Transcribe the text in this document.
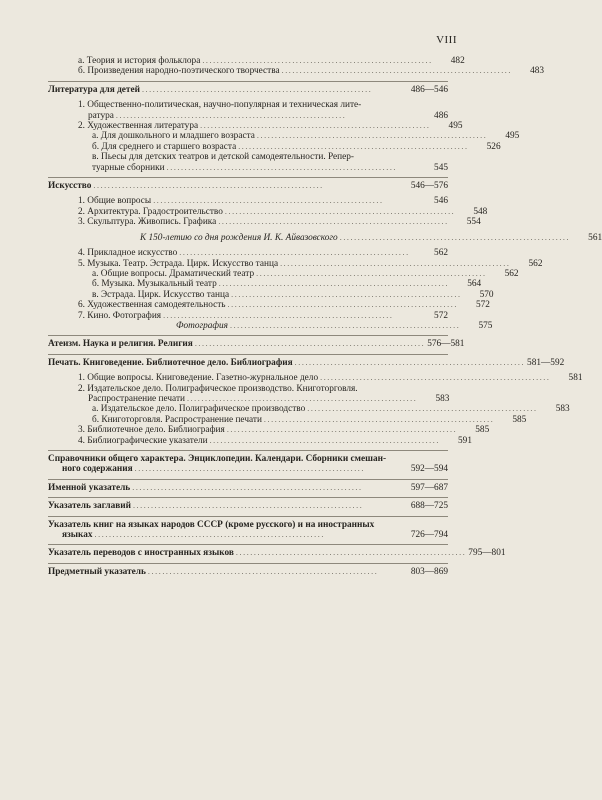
VIII
а. Теория и история фольклора ................................................................	482
б. Произведения народно-поэтического творчества ................................................................	483
Литература для детей ................................................................	486—546
1. Общественно-политическая, научно-популярная и техническая лите-
ратура ................................................................	486
2. Художественная литература ................................................................	495
а. Для дошкольного и младшего возраста ................................................................	495
б. Для среднего и старшего возраста ................................................................	526
в. Пьесы для детских театров и детской самодеятельности. Репер-
туарные сборники ................................................................	545
Искусство ................................................................	546—576
1. Общие вопросы ................................................................	546
2. Архитектура. Градостроительство ................................................................	548
3. Скульптура. Живопись. Графика ................................................................	554
К 150-летию со дня рождения И. К. Айвазовского ................................................................	561
4. Прикладное искусство ................................................................	562
5. Музыка. Театр. Эстрада. Цирк. Искусство танца ................................................................	562
а. Общие вопросы. Драматический театр ................................................................	562
б. Музыка. Музыкальный театр ................................................................	564
в. Эстрада. Цирк. Искусство танца ................................................................	570
6. Художественная самодеятельность ................................................................	572
7. Кино. Фотография ................................................................	572
Фотография ................................................................	575
Атеизм. Наука и религия. Религия ................................................................ 576—581
Печать. Книговедение. Библиотечное дело. Библиография ................................................................ 581—592
1. Общие вопросы. Книговедение. Газетно-журнальное дело ................................................................	581
2. Издательское дело. Полиграфическое производство. Книготорговля.
Распространение печати ................................................................	583
а. Издательское дело. Полиграфическое производство ................................................................	583
б. Книготорговля. Распространение печати ................................................................	585
3. Библиотечное дело. Библиография ................................................................	585
4. Библиографические указатели ................................................................	591
Справочники общего характера. Энциклопедии. Календари. Сборники смешан-
ного содержания ................................................................	592—594
Именной указатель ................................................................	597—687
Указатель заглавий ................................................................	688—725
Указатель книг на языках народов СССР (кроме русского) и на иностранных
языках ................................................................	726—794
Указатель переводов с иностранных языков ................................................................ 795—801
Предметный указатель ................................................................	803—869
